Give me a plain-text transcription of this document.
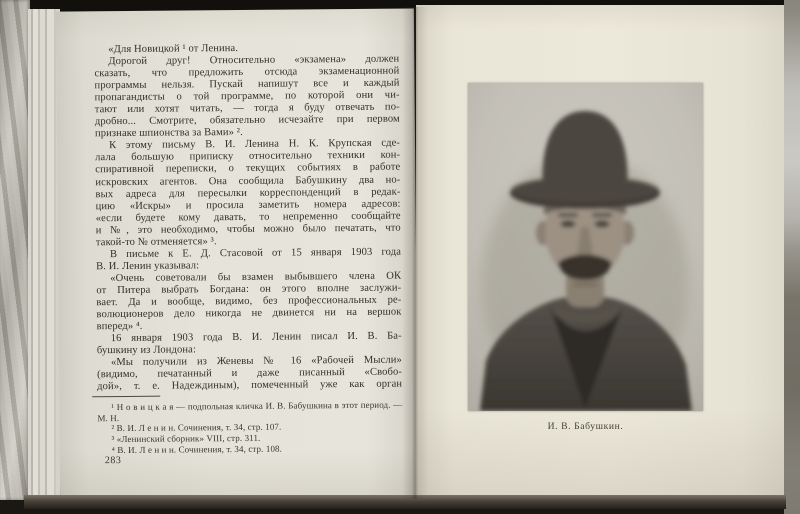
«Для Новицкой ¹ от Ленина.
Дорогой друг! Относительно «экзамена» должен
сказать, что предложить отсюда экзаменационной
программы нельзя. Пускай напишут все и каждый
пропагандисты о той программе, по которой они чи-
тают или хотят читать, — тогда я буду отвечать по-
дробно... Смотрите, обязательно исчезайте при первом
признаке шпионства за Вами» ².
К этому письму В. И. Ленина Н. К. Крупская сде-
лала большую приписку относительно техники кон-
спиративной переписки, о текущих событиях в работе
искровских агентов. Она сообщила Бабушкину два но-
вых адреса для пересылки корреспонденций в редак-
цию «Искры» и просила заметить номера адресов:
«если будете кому давать, то непременно сообщайте
и №, это необходимо, чтобы можно было печатать, что
такой-то № отменяется» ³.
В письме к Е. Д. Стасовой от 15 января 1903 года
В. И. Ленин указывал:
«Очень советовали бы взамен выбывшего члена ОК
от Питера выбрать Богдана: он этого вполне заслужи-
вает. Да и вообще, видимо, без профессиональных ре-
волюционеров дело никогда не двинется ни на вершок
вперед» ⁴.
16 января 1903 года В. И. Ленин писал И. В. Ба-
бушкину из Лондона:
«Мы получили из Женевы № 16 «Рабочей Мысли»
(видимо, печатанный и даже писанный «Свобо-
дой», т. е. Надеждиным), помеченный уже как орган
¹ Н о в и ц к а я — подпольная кличка И. В. Бабушкина в этот период. — М. Н.
² В. И. Л е н и н. Сочинения, т. 34, стр. 107.
³ «Ленинский сборник» VIII, стр. 311.
⁴ В. И. Л е н и н. Сочинения, т. 34, стр. 108.
283
И. В. Бабушкин.
